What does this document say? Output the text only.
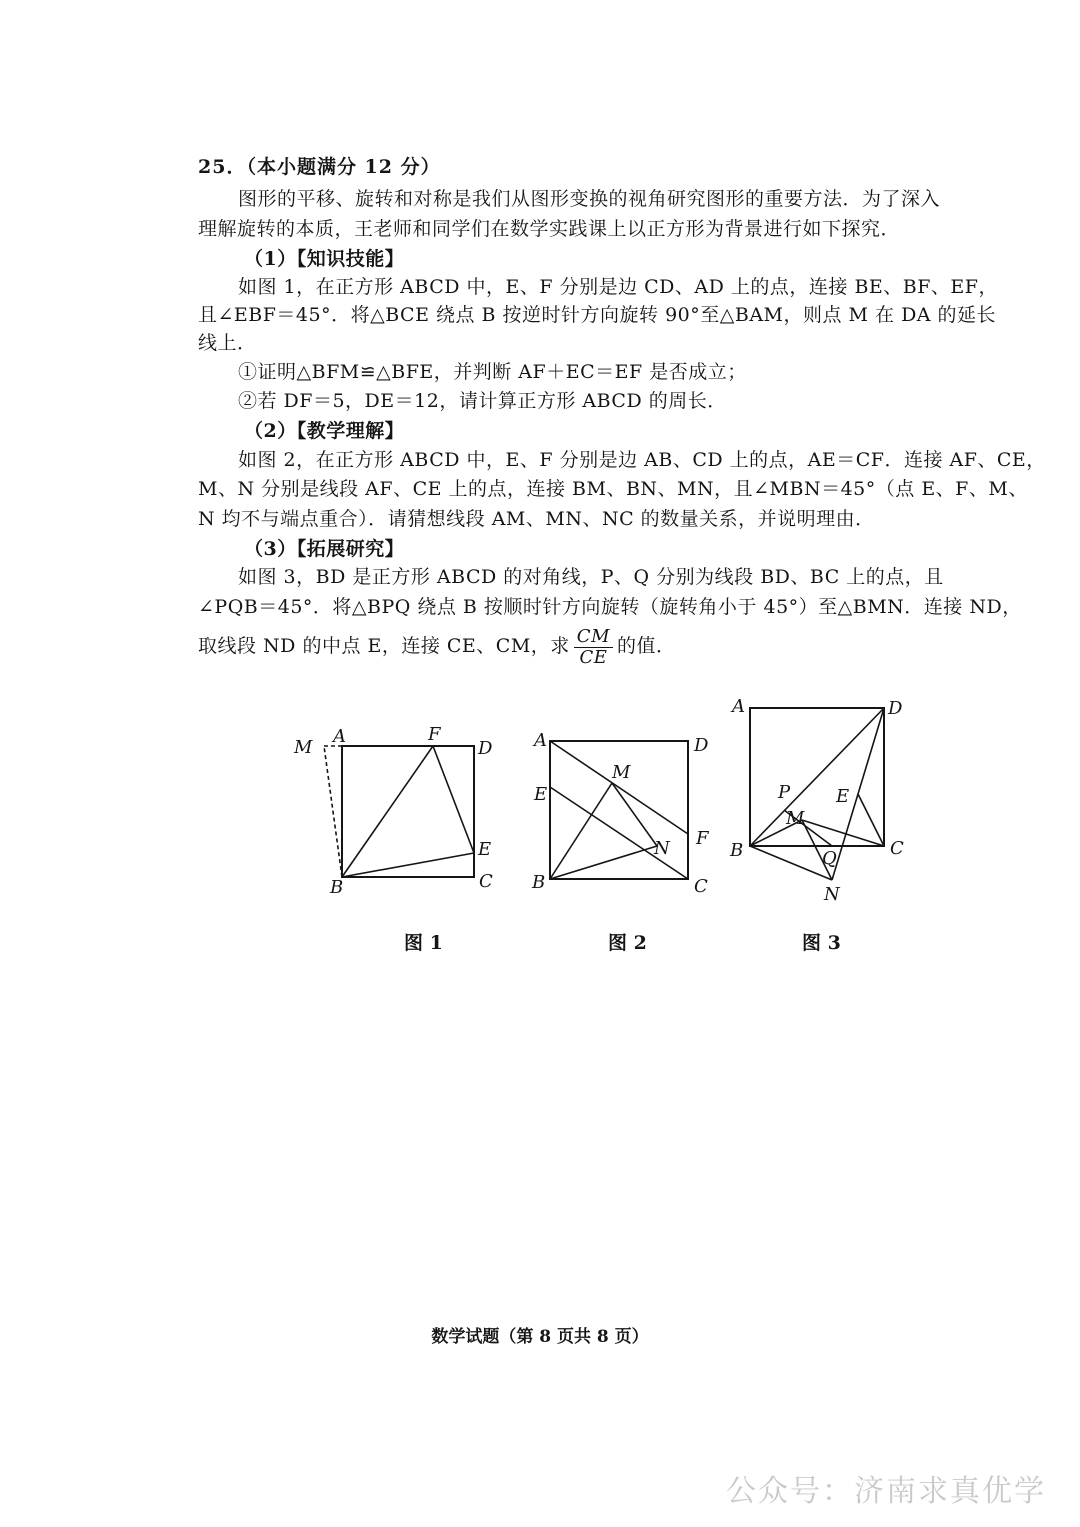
25．（本小题满分 12 分）
图形的平移、旋转和对称是我们从图形变换的视角研究图形的重要方法．为了深入
理解旋转的本质，王老师和同学们在数学实践课上以正方形为背景进行如下探究．
（1）【知识技能】
如图 1，在正方形 ABCD 中，E、F 分别是边 CD、AD 上的点，连接 BE、BF、EF，
且∠EBF＝45°．将△BCE 绕点 B 按逆时针方向旋转 90°至△BAM，则点 M 在 DA 的延长
线上．
①证明△BFM≌△BFE，并判断 AF＋EC＝EF 是否成立；
②若 DF＝5，DE＝12，请计算正方形 ABCD 的周长．
（2）【教学理解】
如图 2，在正方形 ABCD 中，E、F 分别是边 AB、CD 上的点，AE＝CF．连接 AF、CE，
M、N 分别是线段 AF、CE 上的点，连接 BM、BN、MN，且∠MBN＝45°（点 E、F、M、
N 均不与端点重合）．请猜想线段 AM、MN、NC 的数量关系，并说明理由．
（3）【拓展研究】
如图 3，BD 是正方形 ABCD 的对角线，P、Q 分别为线段 BD、BC 上的点，且
∠PQB＝45°．将△BPQ 绕点 B 按顺时针方向旋转（旋转角小于 45°）至△BMN．连接 ND，
取线段 ND 的中点 E，连接 CE、CM，求 $\frac{CM}{CE}$ 的值．
M
A	F
D
E
B	C
图 1
A	D
M
E
F
N
B	C
图 2
A	D
P	E
M
B	Q	C
N
图 3
数学试题（第 8 页共 8 页）
公众号：济南求真优学
